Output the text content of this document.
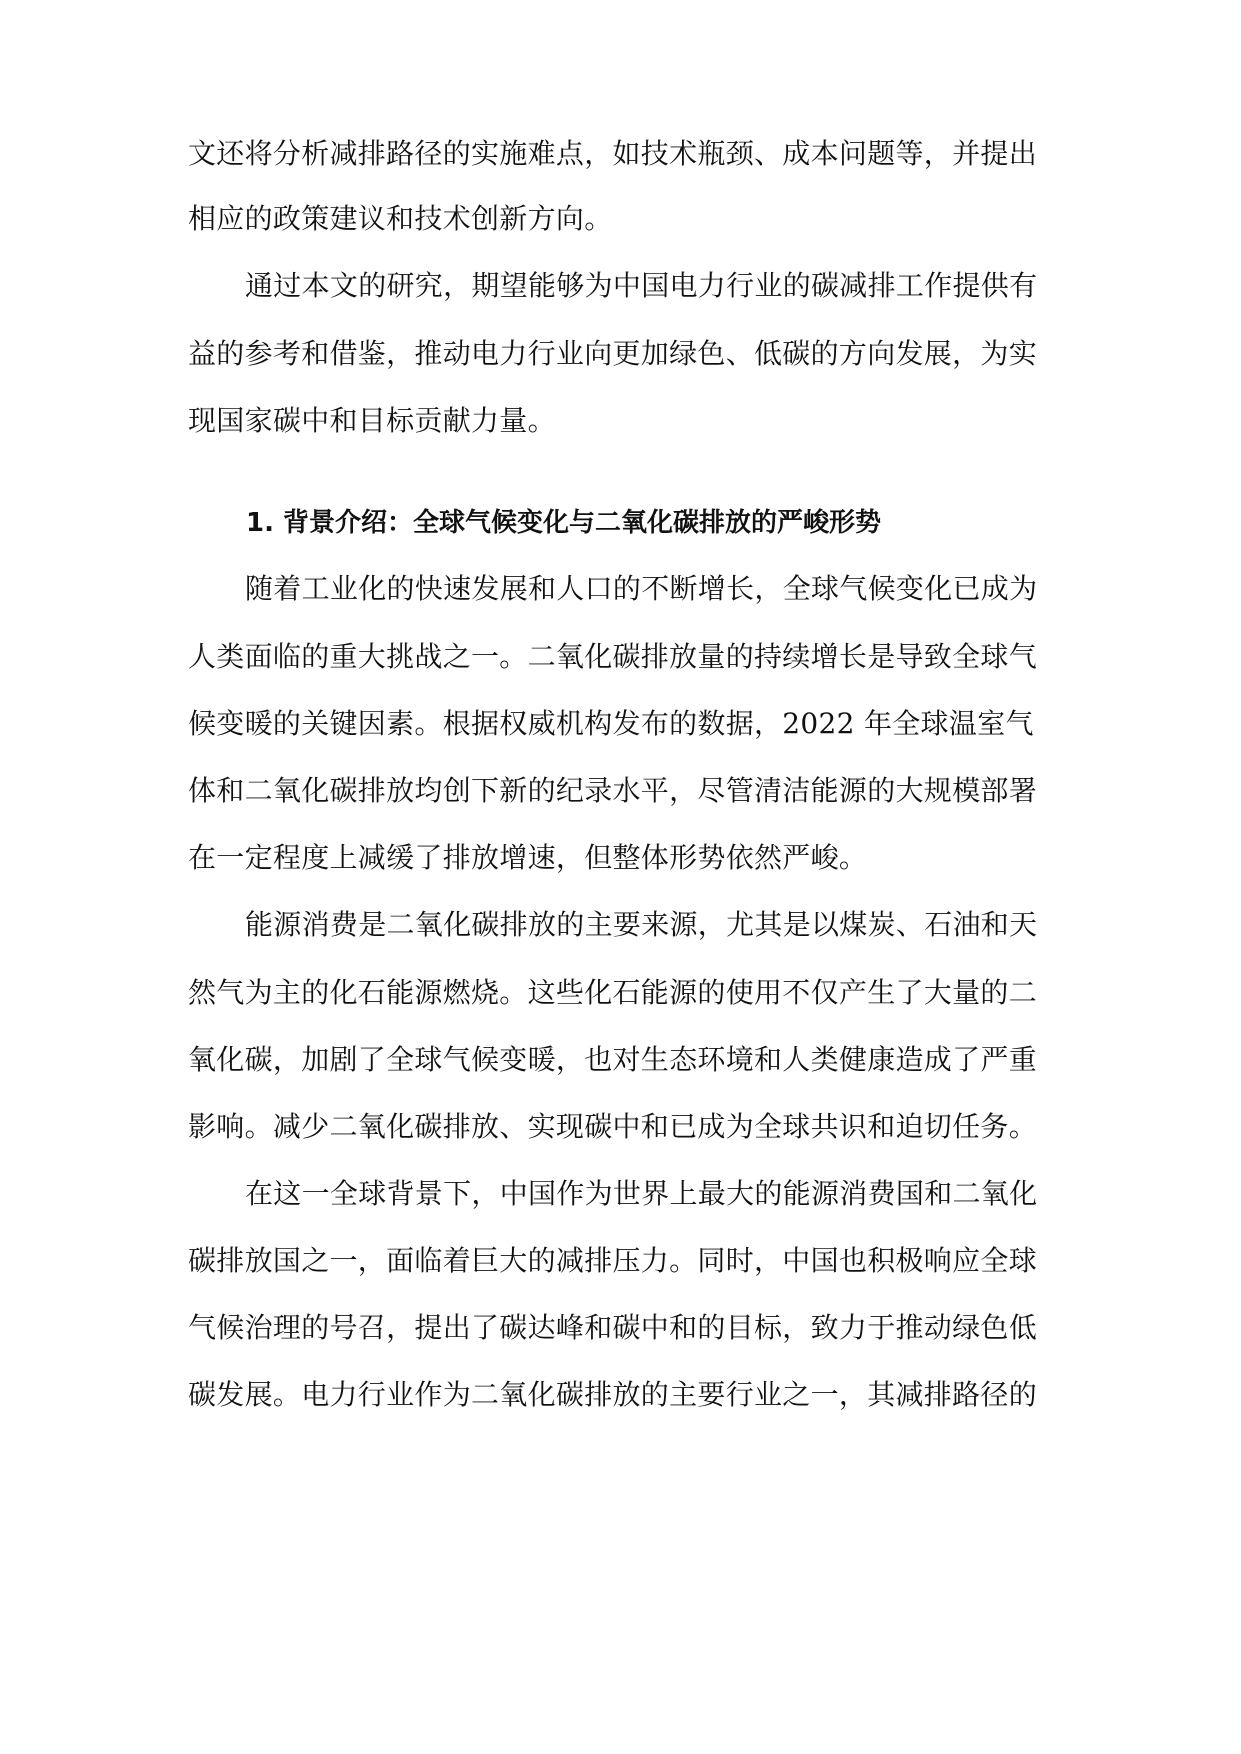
文还将分析减排路径的实施难点，如技术瓶颈、成本问题等，并提出
相应的政策建议和技术创新方向。
通过本文的研究，期望能够为中国电力行业的碳减排工作提供有
益的参考和借鉴，推动电力行业向更加绿色、低碳的方向发展，为实
现国家碳中和目标贡献力量。
1. 背景介绍：全球气候变化与二氧化碳排放的严峻形势
随着工业化的快速发展和人口的不断增长，全球气候变化已成为
人类面临的重大挑战之一。二氧化碳排放量的持续增长是导致全球气
候变暖的关键因素。根据权威机构发布的数据，2022 年全球温室气
体和二氧化碳排放均创下新的纪录水平，尽管清洁能源的大规模部署
在一定程度上减缓了排放增速，但整体形势依然严峻。
能源消费是二氧化碳排放的主要来源，尤其是以煤炭、石油和天
然气为主的化石能源燃烧。这些化石能源的使用不仅产生了大量的二
氧化碳，加剧了全球气候变暖，也对生态环境和人类健康造成了严重
影响。减少二氧化碳排放、实现碳中和已成为全球共识和迫切任务。
在这一全球背景下，中国作为世界上最大的能源消费国和二氧化
碳排放国之一，面临着巨大的减排压力。同时，中国也积极响应全球
气候治理的号召，提出了碳达峰和碳中和的目标，致力于推动绿色低
碳发展。电力行业作为二氧化碳排放的主要行业之一，其减排路径的
